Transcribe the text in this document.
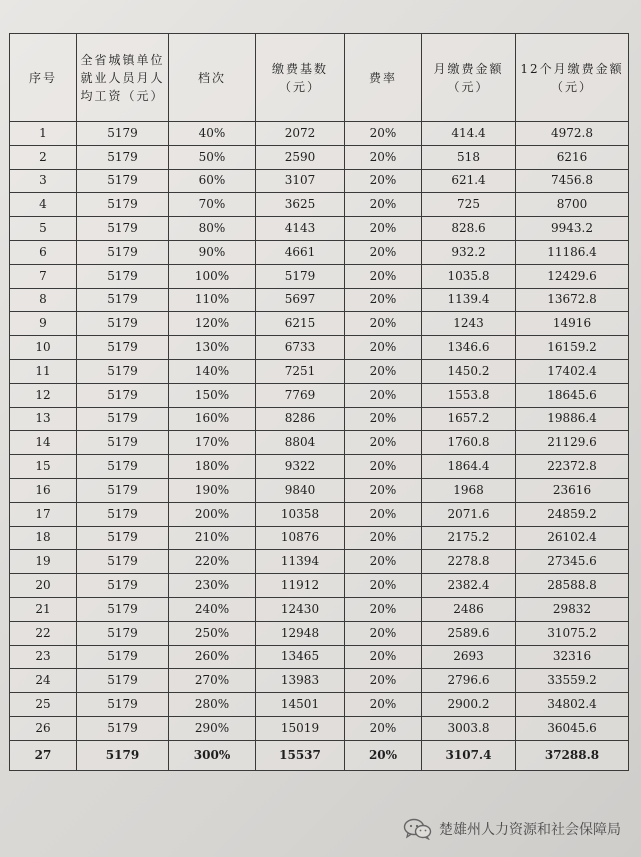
序号	全省城镇单位就业人员月人均工资（元）	档次	缴费基数（元）	费率	月缴费金额（元）	12个月缴费金额（元）
1	5179	40%	2072	20%	414.4	4972.8
2	5179	50%	2590	20%	518	6216
3	5179	60%	3107	20%	621.4	7456.8
4	5179	70%	3625	20%	725	8700
5	5179	80%	4143	20%	828.6	9943.2
6	5179	90%	4661	20%	932.2	11186.4
7	5179	100%	5179	20%	1035.8	12429.6
8	5179	110%	5697	20%	1139.4	13672.8
9	5179	120%	6215	20%	1243	14916
10	5179	130%	6733	20%	1346.6	16159.2
11	5179	140%	7251	20%	1450.2	17402.4
12	5179	150%	7769	20%	1553.8	18645.6
13	5179	160%	8286	20%	1657.2	19886.4
14	5179	170%	8804	20%	1760.8	21129.6
15	5179	180%	9322	20%	1864.4	22372.8
16	5179	190%	9840	20%	1968	23616
17	5179	200%	10358	20%	2071.6	24859.2
18	5179	210%	10876	20%	2175.2	26102.4
19	5179	220%	11394	20%	2278.8	27345.6
20	5179	230%	11912	20%	2382.4	28588.8
21	5179	240%	12430	20%	2486	29832
22	5179	250%	12948	20%	2589.6	31075.2
23	5179	260%	13465	20%	2693	32316
24	5179	270%	13983	20%	2796.6	33559.2
25	5179	280%	14501	20%	2900.2	34802.4
26	5179	290%	15019	20%	3003.8	36045.6
27	5179	300%	15537	20%	3107.4	37288.8
楚雄州人力资源和社会保障局
